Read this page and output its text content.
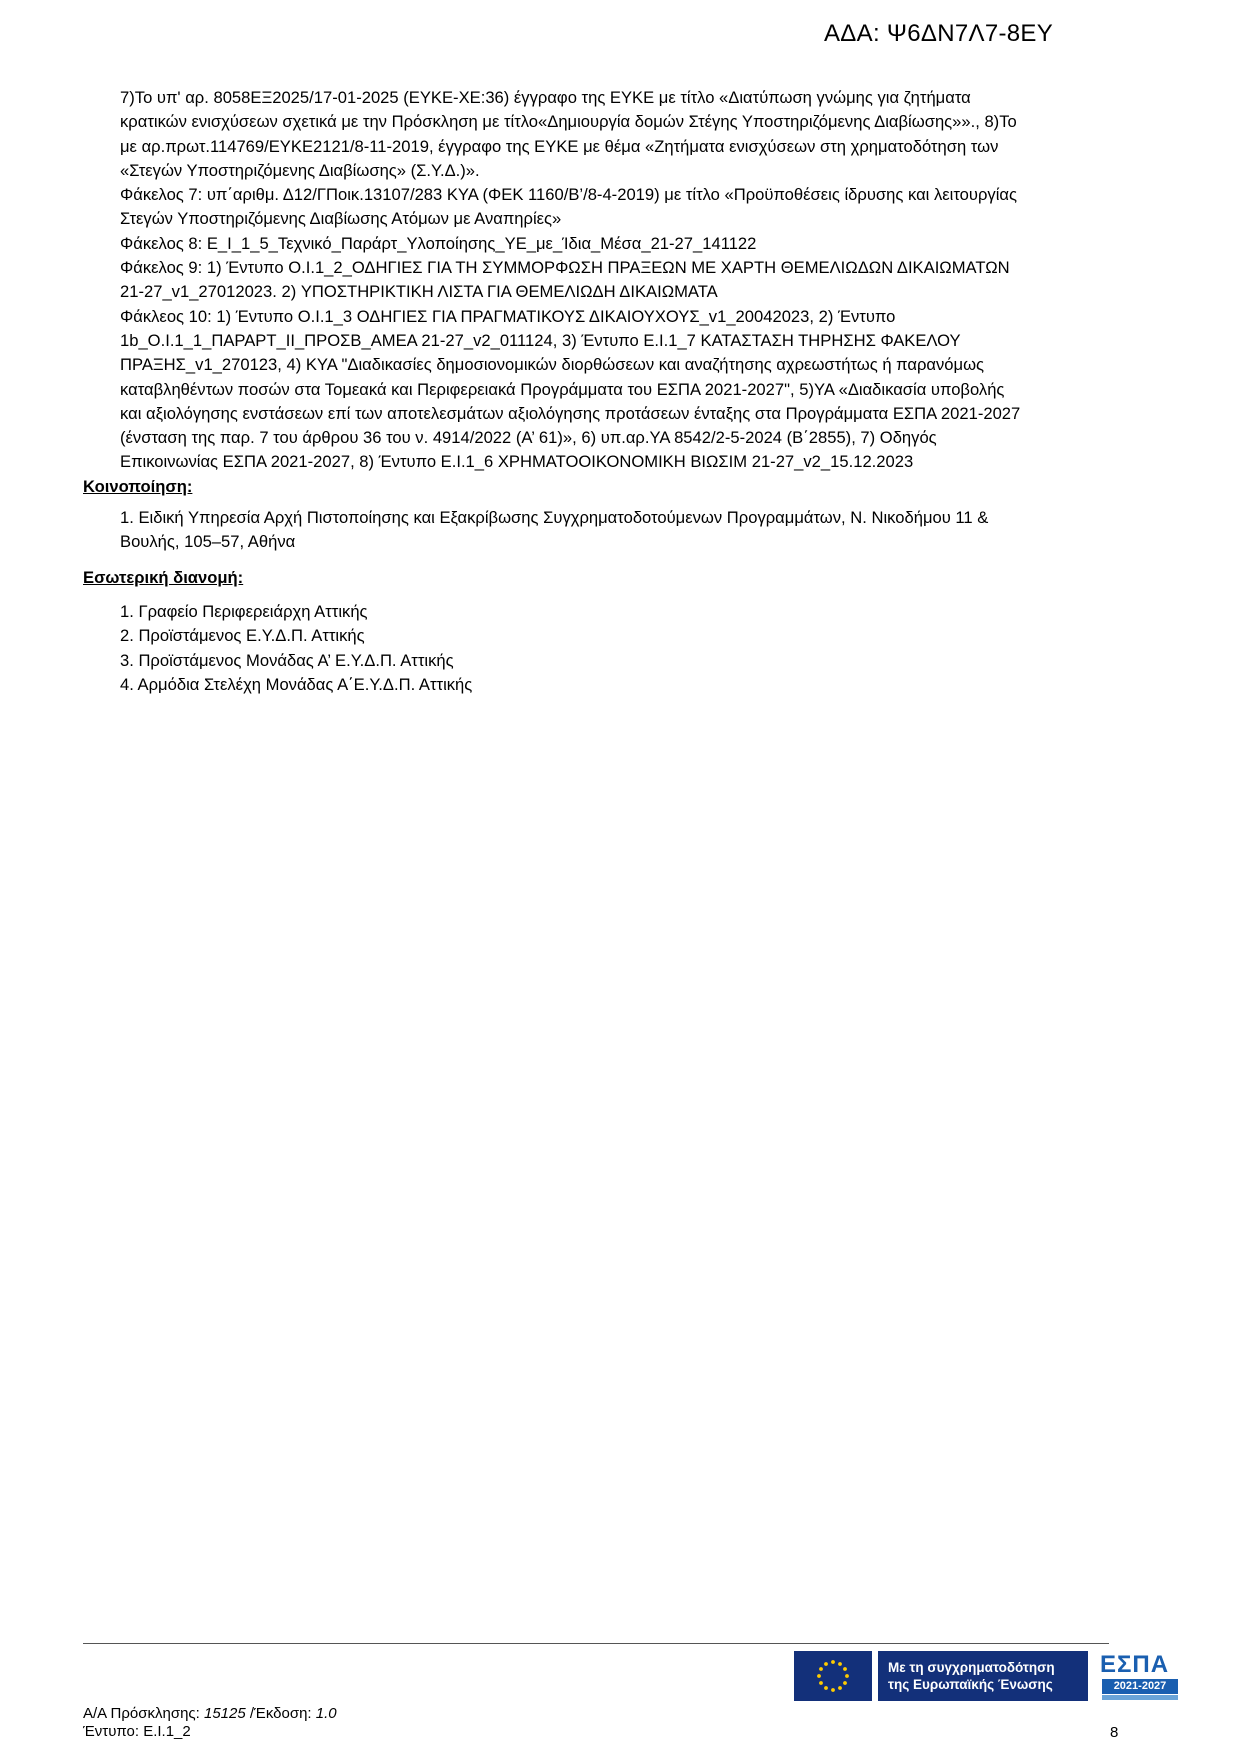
ΑΔΑ: Ψ6ΔΝ7Λ7-8ΕΥ
7)Το υπ' αρ. 8058ΕΞ2025/17-01-2025 (ΕΥΚΕ-ΧΕ:36) έγγραφο της ΕΥΚΕ με τίτλο «Διατύπωση γνώμης για ζητήματα
κρατικών ενισχύσεων σχετικά με την Πρόσκληση με τίτλο«Δημιουργία δομών Στέγης Υποστηριζόμενης Διαβίωσης»»., 8)Το
με αρ.πρωτ.114769/ΕΥΚΕ2121/8-11-2019, έγγραφο της ΕΥΚΕ με θέμα «Ζητήματα ενισχύσεων στη χρηματοδότηση των
«Στεγών Υποστηριζόμενης Διαβίωσης» (Σ.Υ.Δ.)».
Φάκελος 7: υπ΄αριθμ. Δ12/ΓΠοικ.13107/283 ΚΥΑ (ΦΕΚ 1160/Β’/8-4-2019) με τίτλο «Προϋποθέσεις ίδρυσης και λειτουργίας
Στεγών Υποστηριζόμενης Διαβίωσης Ατόμων με Αναπηρίες»
Φάκελος 8: Ε_Ι_1_5_Τεχνικό_Παράρτ_Υλοποίησης_ΥΕ_με_Ίδια_Μέσα_21-27_141122
Φάκελος 9: 1) Έντυπο Ο.Ι.1_2_ΟΔΗΓΙΕΣ ΓΙΑ ΤΗ ΣΥΜΜΟΡΦΩΣΗ ΠΡΑΞΕΩΝ ΜΕ ΧΑΡΤΗ ΘΕΜΕΛΙΩΔΩΝ ΔΙΚΑΙΩΜΑΤΩΝ
21-27_v1_27012023. 2) ΥΠΟΣΤΗΡΙΚΤΙΚΗ ΛΙΣΤΑ ΓΙΑ ΘΕΜΕΛΙΩΔΗ ΔΙΚΑΙΩΜΑΤΑ
Φάκλεος 10: 1) Έντυπο Ο.Ι.1_3 ΟΔΗΓΙΕΣ ΓΙΑ ΠΡΑΓΜΑΤΙΚΟΥΣ ΔΙΚΑΙΟΥΧΟΥΣ_v1_20042023, 2) Έντυπο
1b_Ο.Ι.1_1_ΠΑΡΑΡΤ_ΙΙ_ΠΡΟΣΒ_ΑΜΕΑ 21-27_v2_011124, 3) Έντυπο Ε.Ι.1_7 ΚΑΤΑΣΤΑΣΗ ΤΗΡΗΣΗΣ ΦΑΚΕΛΟΥ
ΠΡΑΞΗΣ_v1_270123, 4) ΚΥΑ "Διαδικασίες δημοσιονομικών διορθώσεων και αναζήτησης αχρεωστήτως ή παρανόμως
καταβληθέντων ποσών στα Τομεακά και Περιφερειακά Προγράμματα του ΕΣΠΑ 2021-2027", 5)ΥΑ «Διαδικασία υποβολής
και αξιολόγησης ενστάσεων επί των αποτελεσμάτων αξιολόγησης προτάσεων ένταξης στα Προγράμματα ΕΣΠΑ 2021-2027
(ένσταση της παρ. 7 του άρθρου 36 του ν. 4914/2022 (Α’ 61)», 6) υπ.αρ.ΥΑ 8542/2-5-2024 (Β΄2855), 7) Οδηγός
Επικοινωνίας ΕΣΠΑ 2021-2027, 8) Έντυπο Ε.Ι.1_6 ΧΡΗΜΑΤΟΟΙΚΟΝΟΜΙΚΗ ΒΙΩΣΙΜ 21-27_v2_15.12.2023
Κοινοποίηση:
1. Ειδική Υπηρεσία Αρχή Πιστοποίησης και Εξακρίβωσης Συγχρηματοδοτούμενων Προγραμμάτων, Ν. Νικοδήμου 11 &
Βουλής, 105–57, Αθήνα
Εσωτερική διανομή:
1. Γραφείο Περιφερειάρχη Αττικής
2. Προϊστάμενος Ε.Υ.Δ.Π. Αττικής
3. Προϊστάμενος Μονάδας Α’ Ε.Υ.Δ.Π. Αττικής
4. Αρμόδια Στελέχη Μονάδας Α΄Ε.Υ.Δ.Π. Αττικής
Με τη συγχρηματοδότηση
της Ευρωπαϊκής Ένωσης
ΕΣΠΑ
2021-2027
Α/Α Πρόσκλησης: 15125 /Έκδοση: 1.0
Έντυπο: Ε.Ι.1_2	8
